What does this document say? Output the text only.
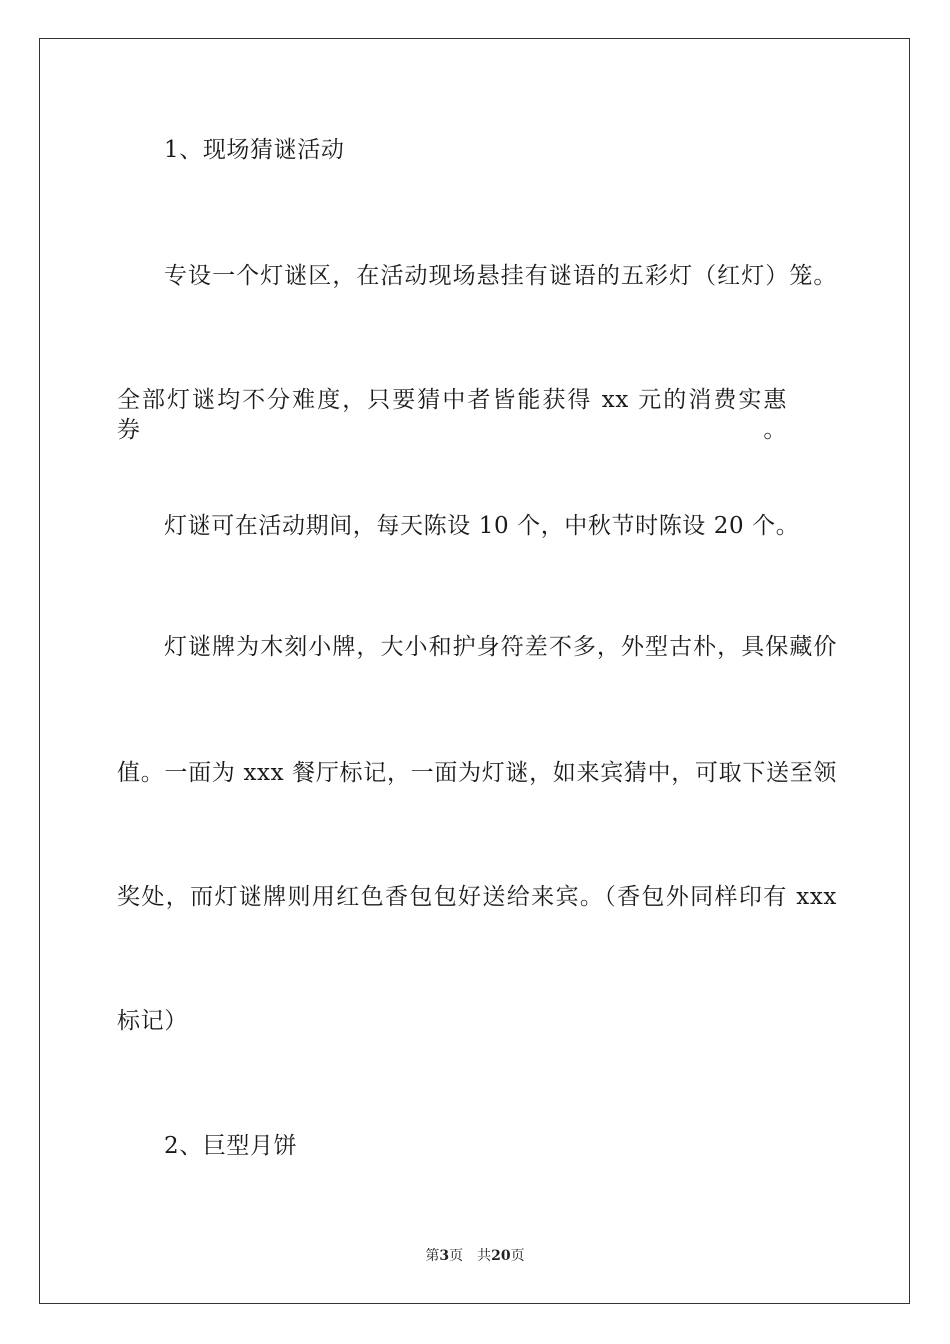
1、现场猜谜活动
专设一个灯谜区，在活动现场悬挂有谜语的五彩灯（红灯）笼。
全部灯谜均不分难度，只要猜中者皆能获得 xx 元的消费实惠券。
灯谜可在活动期间，每天陈设 10 个，中秋节时陈设 20 个。
灯谜牌为木刻小牌，大小和护身符差不多，外型古朴，具保藏价
值。一面为 xxx 餐厅标记，一面为灯谜，如来宾猜中，可取下送至领
奖处，而灯谜牌则用红色香包包好送给来宾。（香包外同样印有 xxx
标记）
2、巨型月饼
第3页 共20页
